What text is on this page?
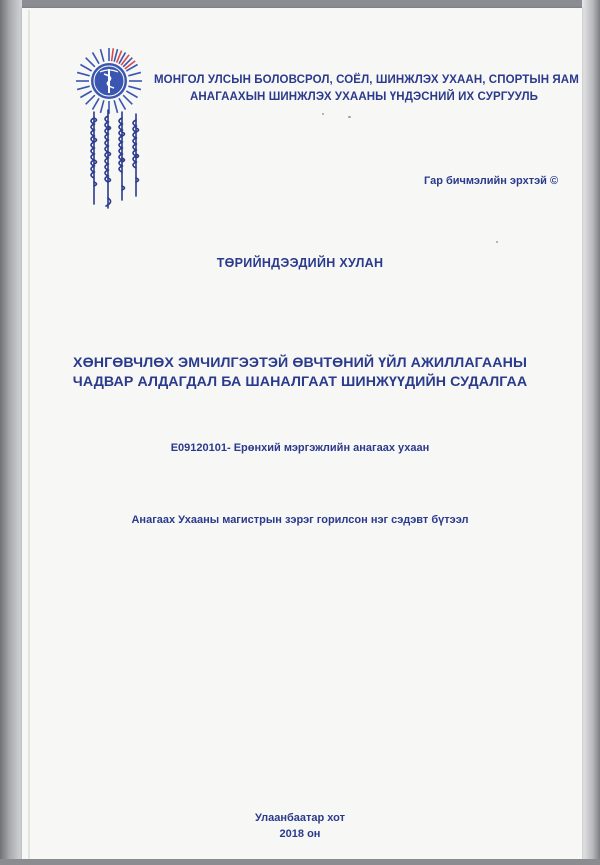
МОНГОЛ УЛСЫН БОЛОВСРОЛ, СОЁЛ, ШИНЖЛЭХ УХААН, СПОРТЫН ЯАМ
АНАГААХЫН ШИНЖЛЭХ УХААНЫ ҮНДЭСНИЙ ИХ СУРГУУЛЬ
Гар бичмэлийн эрхтэй ©
ТӨРИЙНДЭЭДИЙН ХУЛАН
ХӨНГӨВЧЛӨХ ЭМЧИЛГЭЭТЭЙ ӨВЧТӨНИЙ ҮЙЛ АЖИЛЛАГААНЫ
ЧАДВАР АЛДАГДАЛ БА ШАНАЛГААТ ШИНЖҮҮДИЙН СУДАЛГАА
Е09120101- Ерөнхий мэргэжлийн анагаах ухаан
Анагаах Ухааны магистрын зэрэг горилсон нэг сэдэвт бүтээл
Улаанбаатар хот
2018 он
